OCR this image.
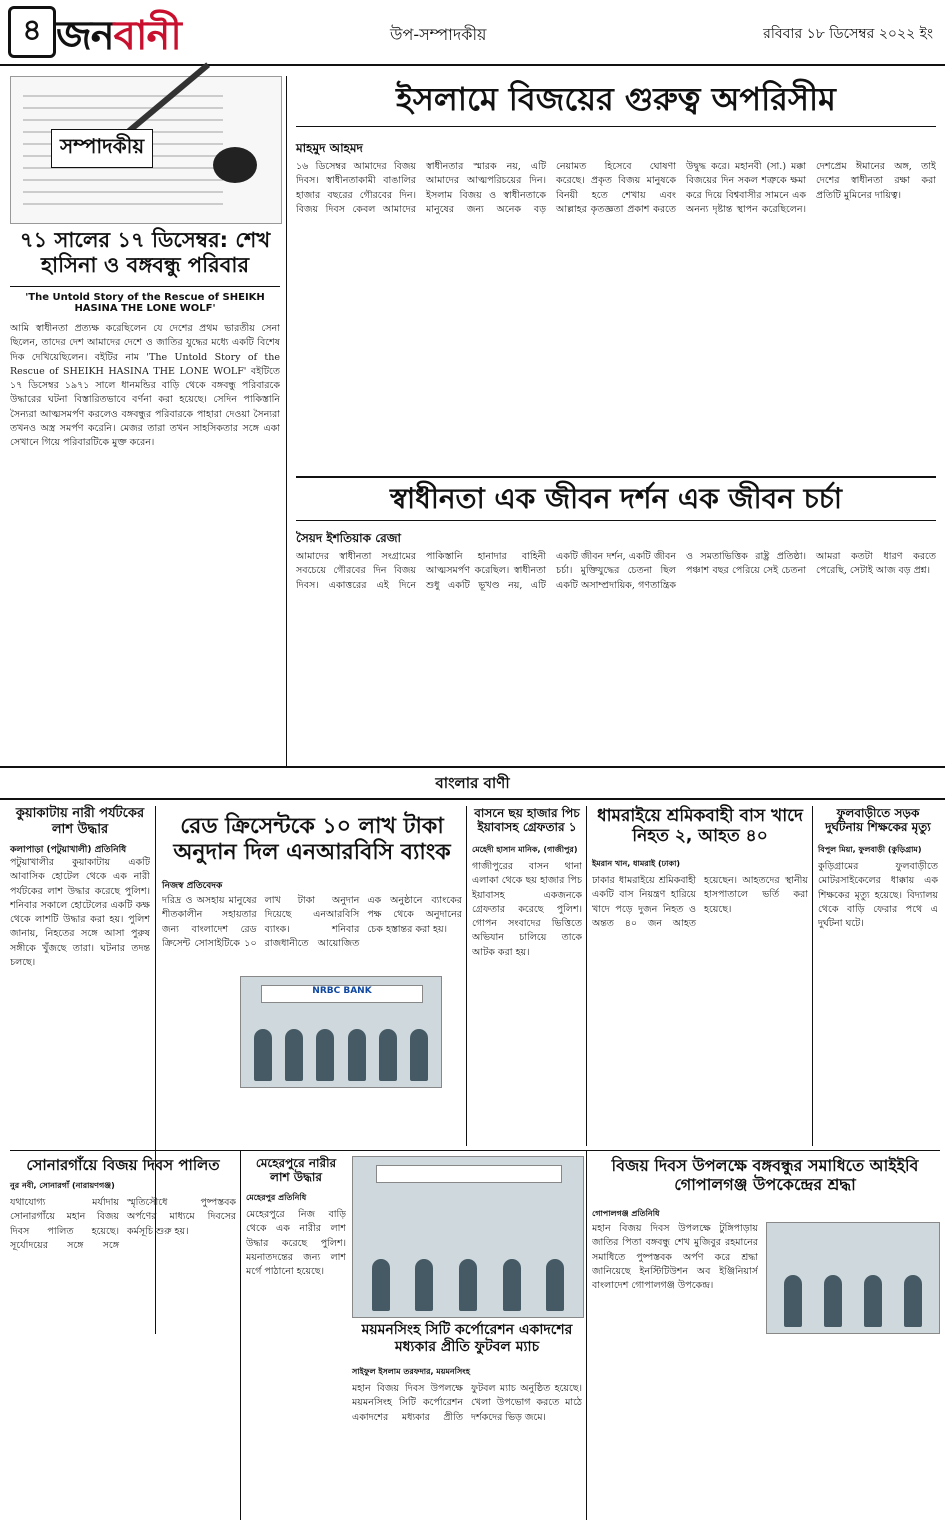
৪ জনবানী	উপ-সম্পাদকীয়	রবিবার ১৮ ডিসেম্বর ২০২২ ইং
সম্পাদকীয়
৭১ সালের ১৭ ডিসেম্বর: শেখ হাসিনা ও বঙ্গবন্ধু পরিবার
'The Untold Story of the Rescue of SHEIKH HASINA THE LONE WOLF'
আমি স্বাধীনতা প্রত্যক্ষ করেছিলেন যে দেশের প্রথম ভারতীয় সেনা ছিলেন, তাদের দেশ আমাদের দেশে ও জাতির যুদ্ধের মধ্যে একটি বিশেষ দিক দেখিয়েছিলেন। বইটির নাম 'The Untold Story of the Rescue of SHEIKH HASINA THE LONE WOLF' বইটিতে ১৭ ডিসেম্বর ১৯৭১ সালে ধানমন্ডির বাড়ি থেকে বঙ্গবন্ধু পরিবারকে উদ্ধারের ঘটনা বিস্তারিতভাবে বর্ণনা করা হয়েছে। সেদিন পাকিস্তানি সৈন্যরা আত্মসমর্পণ করলেও বঙ্গবন্ধুর পরিবারকে পাহারা দেওয়া সৈন্যরা তখনও অস্ত্র সমর্পণ করেনি। মেজর তারা তখন সাহসিকতার সঙ্গে একা সেখানে গিয়ে পরিবারটিকে মুক্ত করেন।
ইসলামে বিজয়ের গুরুত্ব অপরিসীম
মাহমুদ আহমদ
১৬ ডিসেম্বর আমাদের বিজয় দিবস। স্বাধীনতাকামী বাঙালির হাজার বছরের গৌরবের দিন। বিজয় দিবস কেবল আমাদের স্বাধীনতার স্মারক নয়, এটি আমাদের আত্মপরিচয়ের দিন। ইসলাম বিজয় ও স্বাধীনতাকে মানুষের জন্য অনেক বড় নেয়ামত হিসেবে ঘোষণা করেছে। প্রকৃত বিজয় মানুষকে বিনয়ী হতে শেখায় এবং আল্লাহর কৃতজ্ঞতা প্রকাশ করতে উদ্বুদ্ধ করে। মহানবী (সা.) মক্কা বিজয়ের দিন সকল শত্রুকে ক্ষমা করে দিয়ে বিশ্ববাসীর সামনে এক অনন্য দৃষ্টান্ত স্থাপন করেছিলেন। দেশপ্রেম ঈমানের অঙ্গ, তাই দেশের স্বাধীনতা রক্ষা করা প্রতিটি মুমিনের দায়িত্ব।
স্বাধীনতা এক জীবন দর্শন এক জীবন চর্চা
সৈয়দ ইশতিয়াক রেজা
আমাদের স্বাধীনতা সংগ্রামের সবচেয়ে গৌরবের দিন বিজয় দিবস। একাত্তরের এই দিনে পাকিস্তানি হানাদার বাহিনী আত্মসমর্পণ করেছিল। স্বাধীনতা শুধু একটি ভূখণ্ড নয়, এটি একটি জীবন দর্শন, একটি জীবন চর্চা। মুক্তিযুদ্ধের চেতনা ছিল একটি অসাম্প্রদায়িক, গণতান্ত্রিক ও সমতাভিত্তিক রাষ্ট্র প্রতিষ্ঠা। পঞ্চাশ বছর পেরিয়ে সেই চেতনা আমরা কতটা ধারণ করতে পেরেছি, সেটাই আজ বড় প্রশ্ন।
বাংলার বাণী
কুয়াকাটায় নারী পর্যটকের লাশ উদ্ধার
কলাপাড়া (পটুয়াখালী) প্রতিনিধি
পটুয়াখালীর কুয়াকাটায় একটি আবাসিক হোটেল থেকে এক নারী পর্যটকের লাশ উদ্ধার করেছে পুলিশ। শনিবার সকালে হোটেলের একটি কক্ষ থেকে লাশটি উদ্ধার করা হয়। পুলিশ জানায়, নিহতের সঙ্গে আসা পুরুষ সঙ্গীকে খুঁজছে তারা। ঘটনার তদন্ত চলছে।
রেড ক্রিসেন্টকে ১০ লাখ টাকা অনুদান দিল এনআরবিসি ব্যাংক
নিজস্ব প্রতিবেদক
দরিদ্র ও অসহায় মানুষের শীতকালীন সহায়তার জন্য বাংলাদেশ রেড ক্রিসেন্ট সোসাইটিকে ১০ লাখ টাকা অনুদান দিয়েছে এনআরবিসি ব্যাংক। শনিবার রাজধানীতে আয়োজিত এক অনুষ্ঠানে ব্যাংকের পক্ষ থেকে অনুদানের চেক হস্তান্তর করা হয়।
NRBC BANK
বাসনে ছয় হাজার পিচ ইয়াবাসহ গ্রেফতার ১
মেহেদী হাসান মানিক, (গাজীপুর)
গাজীপুরের বাসন থানা এলাকা থেকে ছয় হাজার পিচ ইয়াবাসহ একজনকে গ্রেফতার করেছে পুলিশ। গোপন সংবাদের ভিত্তিতে অভিযান চালিয়ে তাকে আটক করা হয়।
ধামরাইয়ে শ্রমিকবাহী বাস খাদে নিহত ২, আহত ৪০
ইমরান খান, ধামরাই (ঢাকা)
ঢাকার ধামরাইয়ে শ্রমিকবাহী একটি বাস নিয়ন্ত্রণ হারিয়ে খাদে পড়ে দুজন নিহত ও অন্তত ৪০ জন আহত হয়েছেন। আহতদের স্থানীয় হাসপাতালে ভর্তি করা হয়েছে।
ফুলবাড়ীতে সড়ক দুর্ঘটনায় শিক্ষকের মৃত্যু
বিপুল মিয়া, ফুলবাড়ী (কুড়িগ্রাম)
কুড়িগ্রামের ফুলবাড়ীতে মোটরসাইকেলের ধাক্কায় এক শিক্ষকের মৃত্যু হয়েছে। বিদ্যালয় থেকে বাড়ি ফেরার পথে এ দুর্ঘটনা ঘটে।
সোনারগাঁয়ে বিজয় দিবস পালিত
নুর নবী, সোনারগাঁ (নারায়ণগঞ্জ)
যথাযোগ্য মর্যাদায় সোনারগাঁয়ে মহান বিজয় দিবস পালিত হয়েছে। সূর্যোদয়ের সঙ্গে সঙ্গে স্মৃতিসৌধে পুষ্পস্তবক অর্পণের মাধ্যমে দিবসের কর্মসূচি শুরু হয়।
মেহেরপুরে নারীর লাশ উদ্ধার
মেহেরপুর প্রতিনিধি
মেহেরপুরে নিজ বাড়ি থেকে এক নারীর লাশ উদ্ধার করেছে পুলিশ। ময়নাতদন্তের জন্য লাশ মর্গে পাঠানো হয়েছে।
ময়মনসিংহ সিটি কর্পোরেশন একাদশের মধ্যকার প্রীতি ফুটবল ম্যাচ
সাইফুল ইসলাম তরফদার, ময়মনসিংহ
মহান বিজয় দিবস উপলক্ষে ময়মনসিংহ সিটি কর্পোরেশন একাদশের মধ্যকার প্রীতি ফুটবল ম্যাচ অনুষ্ঠিত হয়েছে। খেলা উপভোগ করতে মাঠে দর্শকদের ভিড় জমে।
বিজয় দিবস উপলক্ষে বঙ্গবন্ধুর সমাধিতে আইইবি গোপালগঞ্জ উপকেন্দ্রের শ্রদ্ধা
গোপালগঞ্জ প্রতিনিধি
মহান বিজয় দিবস উপলক্ষে টুঙ্গিপাড়ায় জাতির পিতা বঙ্গবন্ধু শেখ মুজিবুর রহমানের সমাধিতে পুষ্পস্তবক অর্পণ করে শ্রদ্ধা জানিয়েছে ইনস্টিটিউশন অব ইঞ্জিনিয়ার্স বাংলাদেশ গোপালগঞ্জ উপকেন্দ্র।
